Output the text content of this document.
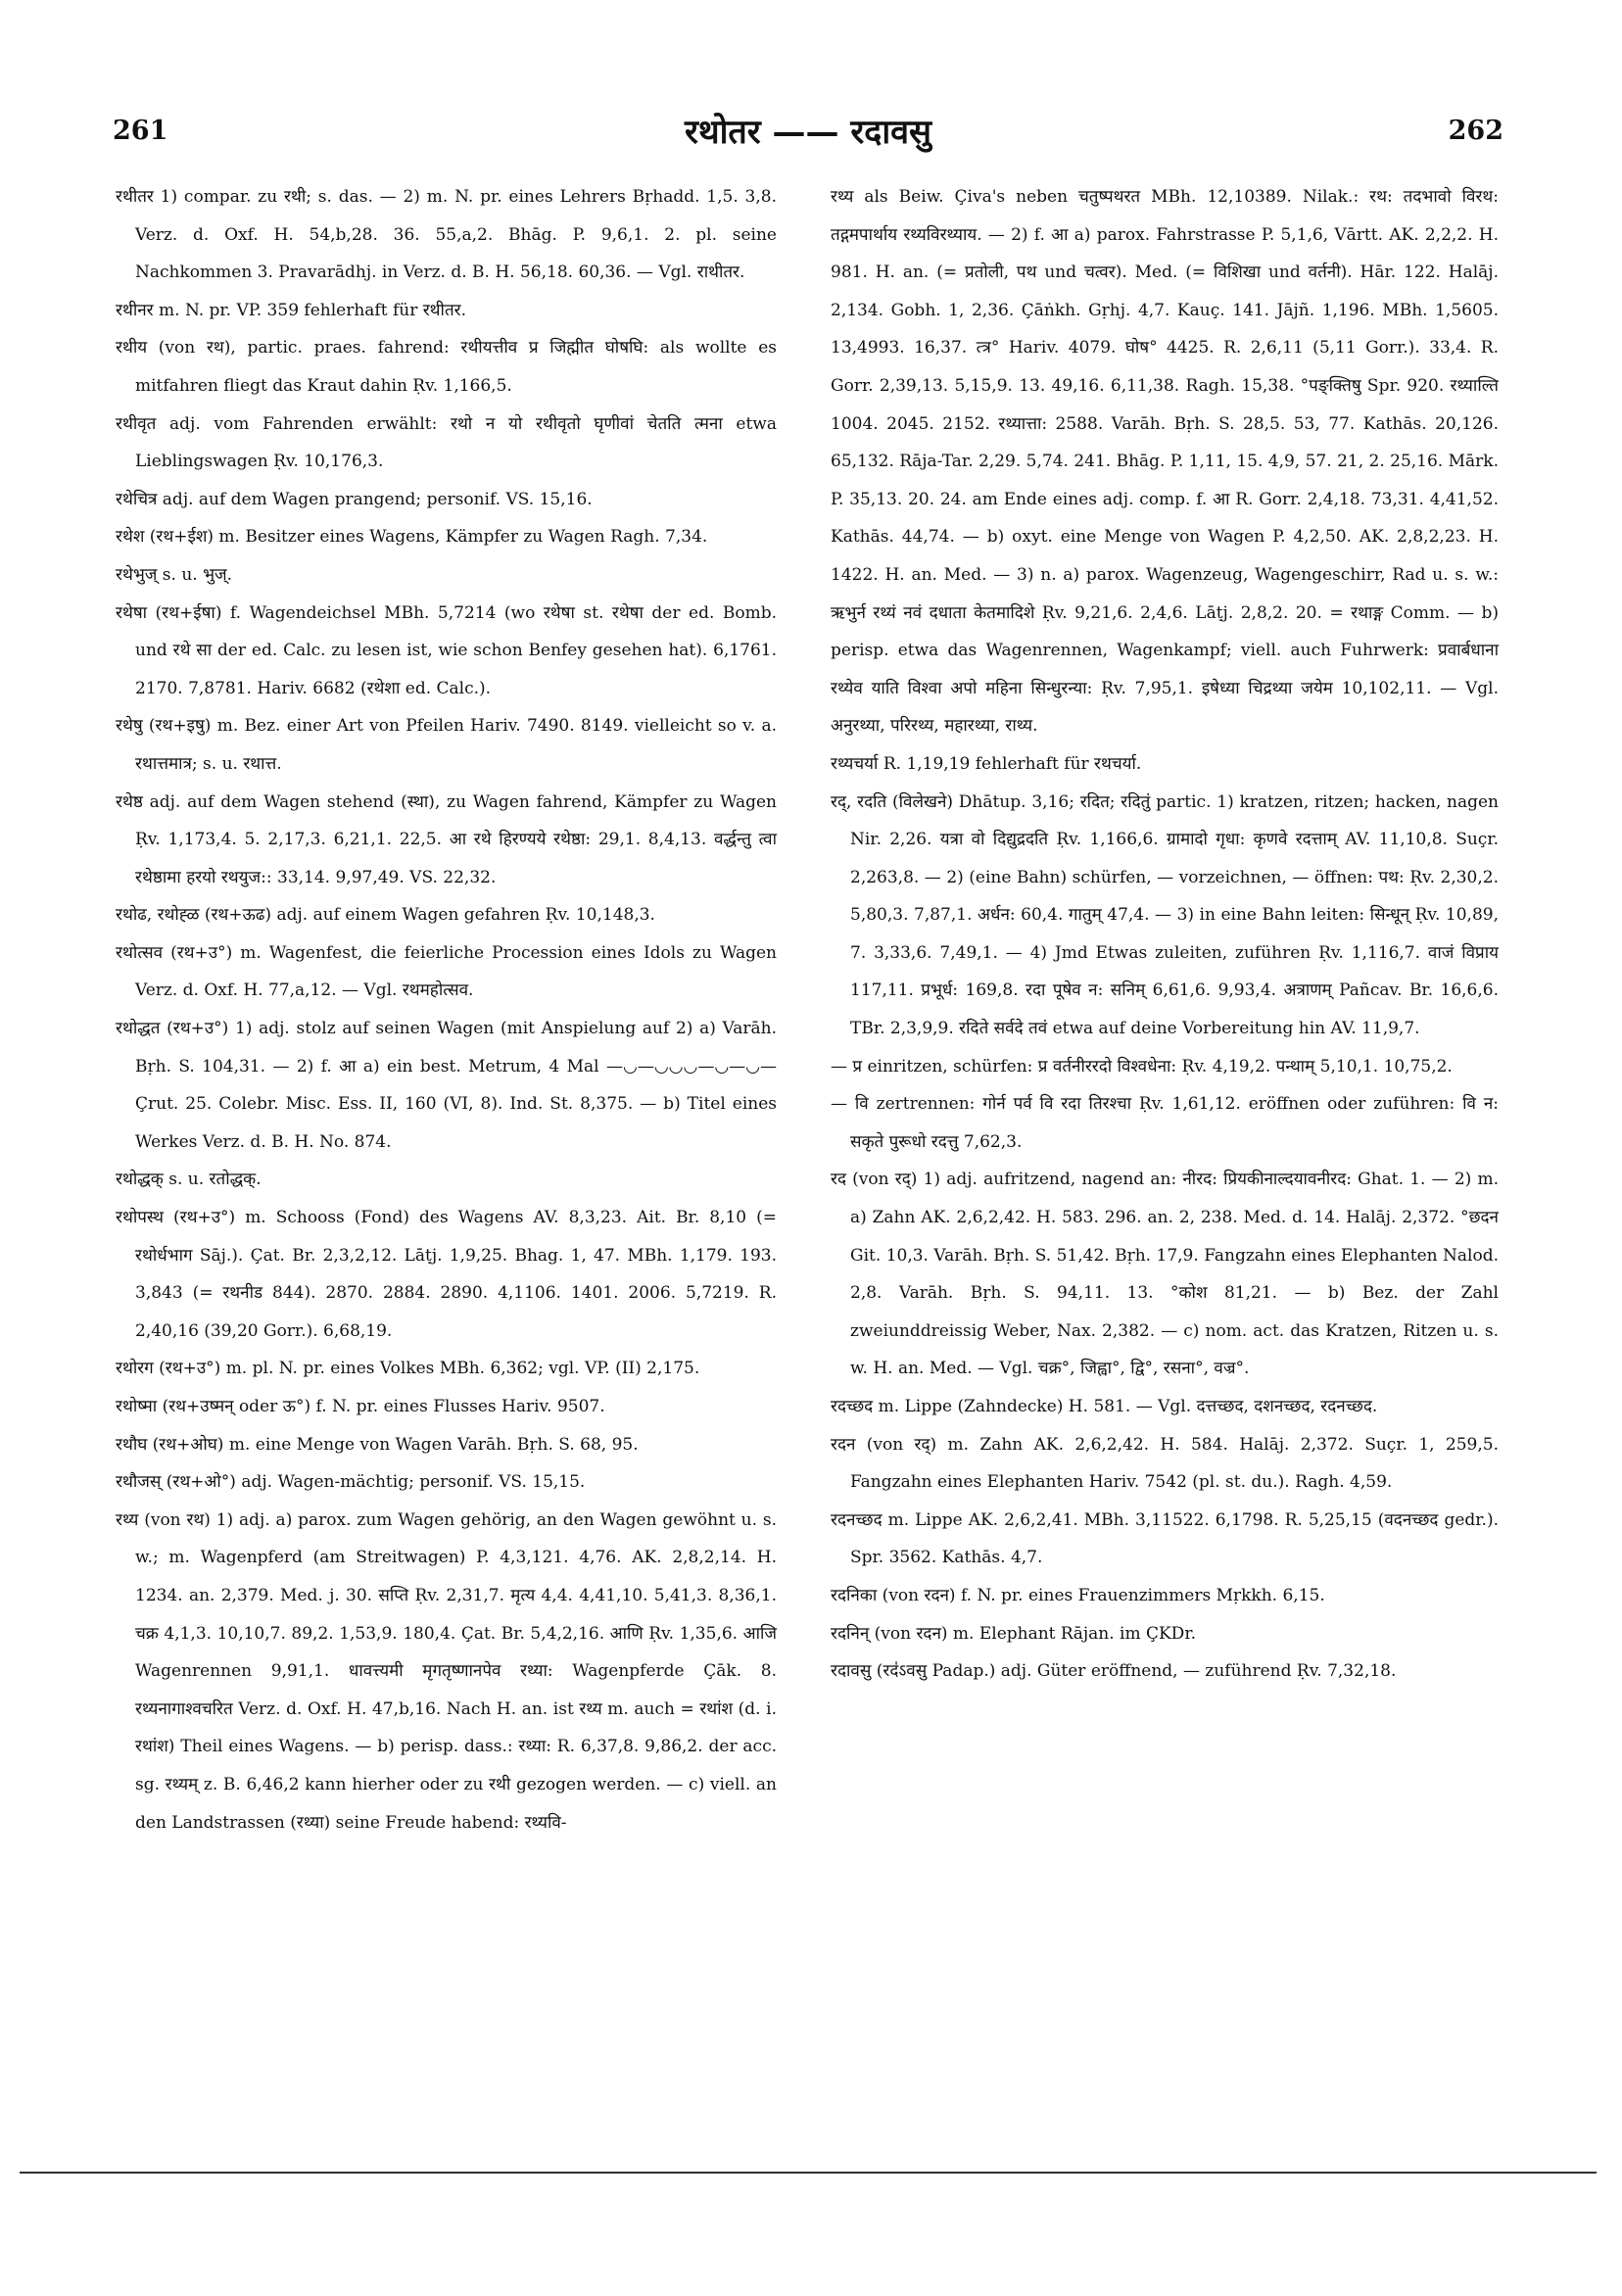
261	रथोतर —— रदावसु	262

रथीतर 1) compar. zu रथी; s. das. — 2) m. N. pr. eines Lehrers Bṛhadd. 1,5. 3,8. Verz. d. Oxf. H. 54,b,28. 36. 55,a,2. Bhāg. P. 9,6,1. 2. pl. seine Nachkommen 3. Pravarādhj. in Verz. d. B. H. 56,18. 60,36. — Vgl. राथीतर.

रथीनर m. N. pr. VP. 359 fehlerhaft für रथीतर.

रथीय (von रथ), partic. praes. fahrend: रथीयत्तीव प्र जिह्मीत घोषघि: als wollte es mitfahren fliegt das Kraut dahin Ṛv. 1,166,5.

रथीवृत adj. vom Fahrenden erwählt: रथो न यो रथीवृतो घृणीवां चेतति त्मना etwa Lieblingswagen Ṛv. 10,176,3.

रथेचित्र adj. auf dem Wagen prangend; personif. VS. 15,16.

रथेश (रथ+ईश) m. Besitzer eines Wagens, Kämpfer zu Wagen Ragh. 7,34.

रथेभुज् s. u. भुज्.

रथेषा (रथ+ईषा) f. Wagendeichsel MBh. 5,7214 (wo रथेषा st. रथेषा der ed. Bomb. und रथे सा der ed. Calc. zu lesen ist, wie schon Benfey gesehen hat). 6,1761. 2170. 7,8781. Hariv. 6682 (रथेशा ed. Calc.).

रथेषु (रथ+इषु) m. Bez. einer Art von Pfeilen Hariv. 7490. 8149. vielleicht so v. a. रथात्तमात्र; s. u. रथात्त.

रथेष्ठ adj. auf dem Wagen stehend (स्था), zu Wagen fahrend, Kämpfer zu Wagen Ṛv. 1,173,4. 5. 2,17,3. 6,21,1. 22,5. आ रथे हिरण्यये रथेष्ठा: 29,1. 8,4,13. वर्द्धन्तु त्वा रथेष्ठामा हरयो रथयुज:: 33,14. 9,97,49. VS. 22,32.

रथोढ, रथोह्ळ (रथ+ऊढ) adj. auf einem Wagen gefahren Ṛv. 10,148,3.

रथोत्सव (रथ+उ°) m. Wagenfest, die feierliche Procession eines Idols zu Wagen Verz. d. Oxf. H. 77,a,12. — Vgl. रथमहोत्सव.

रथोद्धत (रथ+उ°) 1) adj. stolz auf seinen Wagen (mit Anspielung auf 2) a) Varāh. Bṛh. S. 104,31. — 2) f. आ a) ein best. Metrum, 4 Mal —◡—◡◡◡—◡—◡— Çrut. 25. Colebr. Misc. Ess. II, 160 (VI, 8). Ind. St. 8,375. — b) Titel eines Werkes Verz. d. B. H. No. 874.

रथोद्धक् s. u. रतोद्धक्.

रथोपस्थ (रथ+उ°) m. Schooss (Fond) des Wagens AV. 8,3,23. Ait. Br. 8,10 (= रथोर्धभाग Sāj.). Çat. Br. 2,3,2,12. Lāṭj. 1,9,25. Bhag. 1, 47. MBh. 1,179. 193. 3,843 (= रथनीड 844). 2870. 2884. 2890. 4,1106. 1401. 2006. 5,7219. R. 2,40,16 (39,20 Gorr.). 6,68,19.

रथोरग (रथ+उ°) m. pl. N. pr. eines Volkes MBh. 6,362; vgl. VP. (II) 2,175.

रथोष्मा (रथ+उष्मन् oder ऊ°) f. N. pr. eines Flusses Hariv. 9507.

रथौघ (रथ+ओघ) m. eine Menge von Wagen Varāh. Bṛh. S. 68, 95.

रथौजस् (रथ+ओ°) adj. Wagen-mächtig; personif. VS. 15,15.

रथ्य (von रथ) 1) adj. a) parox. zum Wagen gehörig, an den Wagen gewöhnt u. s. w.; m. Wagenpferd (am Streitwagen) P. 4,3,121. 4,76. AK. 2,8,2,14. H. 1234. an. 2,379. Med. j. 30. सप्ति Ṛv. 2,31,7. मृत्य 4,4. 4,41,10. 5,41,3. 8,36,1. चक्र 4,1,3. 10,10,7. 89,2. 1,53,9. 180,4. Çat. Br. 5,4,2,16. आणि Ṛv. 1,35,6. आजि Wagenrennen 9,91,1. धावत्त्यमी मृगतृष्णानपेव रथ्या: Wagenpferde Çāk. 8. रथ्यनागाश्वचरित Verz. d. Oxf. H. 47,b,16. Nach H. an. ist रथ्य m. auch = रथांश (d. i. रथांश) Theil eines Wagens. — b) perisp. dass.: रथ्या: R. 6,37,8. 9,86,2. der acc. sg. रथ्यम् z. B. 6,46,2 kann hierher oder zu रथी gezogen werden. — c) viell. an den Landstrassen (रथ्या) seine Freude habend: रथ्यवि-

रथ्य als Beiw. Çiva's neben चतुष्पथरत MBh. 12,10389. Nilak.: रथ: तदभावो विरथ: तद्गमपार्थाय रथ्यविरथ्याय. — 2) f. आ a) parox. Fahrstrasse P. 5,1,6, Vārtt. AK. 2,2,2. H. 981. H. an. (= प्रतोली, पथ und चत्वर). Med. (= विशिखा und वर्तनी). Hār. 122. Halāj. 2,134. Gobh. 1, 2,36. Çāṅkh. Gṛhj. 4,7. Kauç. 141. Jājñ. 1,196. MBh. 1,5605. 13,4993. 16,37. त्त्र° Hariv. 4079. घोष° 4425. R. 2,6,11 (5,11 Gorr.). 33,4. R. Gorr. 2,39,13. 5,15,9. 13. 49,16. 6,11,38. Ragh. 15,38. °पङ्क्तिषु Spr. 920. रथ्याल्ति 1004. 2045. 2152. रथ्यात्ता: 2588. Varāh. Bṛh. S. 28,5. 53, 77. Kathās. 20,126. 65,132. Rāja-Tar. 2,29. 5,74. 241. Bhāg. P. 1,11, 15. 4,9, 57. 21, 2. 25,16. Mārk. P. 35,13. 20. 24. am Ende eines adj. comp. f. आ R. Gorr. 2,4,18. 73,31. 4,41,52. Kathās. 44,74. — b) oxyt. eine Menge von Wagen P. 4,2,50. AK. 2,8,2,23. H. 1422. H. an. Med. — 3) n. a) parox. Wagenzeug, Wagengeschirr, Rad u. s. w.: ऋभुर्न रथ्यं नवं दधाता केतमादिशे Ṛv. 9,21,6. 2,4,6. Lāṭj. 2,8,2. 20. = रथाङ्ग Comm. — b) perisp. etwa das Wagenrennen, Wagenkampf; viell. auch Fuhrwerk: प्रवार्बधाना रथ्येव याति विश्वा अपो महिना सिन्धुरन्या: Ṛv. 7,95,1. इषेध्या चिद्रथ्या जयेम 10,102,11. — Vgl. अनुरथ्या, परिरथ्य, महारथ्या, राथ्य.

रथ्यचर्या R. 1,19,19 fehlerhaft für रथचर्या.

रद्, रदति (विलेखने) Dhātup. 3,16; रदित; रदितुं partic. 1) kratzen, ritzen; hacken, nagen Nir. 2,26. यत्रा वो दिद्युद्रदति Ṛv. 1,166,6. ग्रामादो गृधा: कृणवे रदत्ताम् AV. 11,10,8. Suçr. 2,263,8. — 2) (eine Bahn) schürfen, — vorzeichnen, — öffnen: पथ: Ṛv. 2,30,2. 5,80,3. 7,87,1. अर्धन: 60,4. गातुम् 47,4. — 3) in eine Bahn leiten: सिन्धून् Ṛv. 10,89, 7. 3,33,6. 7,49,1. — 4) Jmd Etwas zuleiten, zuführen Ṛv. 1,116,7. वाजं विप्राय 117,11. प्रभूर्ध: 169,8. रदा पूषेव न: सनिम् 6,61,6. 9,93,4. अत्राणम् Pañcav. Br. 16,6,6. TBr. 2,3,9,9. रदिते सर्वदे तवं etwa auf deine Vorbereitung hin AV. 11,9,7.

— प्र einritzen, schürfen: प्र वर्तनीररदो विश्वधेना: Ṛv. 4,19,2. पन्थाम् 5,10,1. 10,75,2.

— वि zertrennen: गोर्न पर्व वि रदा तिरश्चा Ṛv. 1,61,12. eröffnen oder zuführen: वि न: सकृते पुरूधो रदत्तु 7,62,3.

रद (von रद्) 1) adj. aufritzend, nagend an: नीरद: प्रियकीनाल्दयावनीरद: Ghat. 1. — 2) m. a) Zahn AK. 2,6,2,42. H. 583. 296. an. 2, 238. Med. d. 14. Halāj. 2,372. °छदन Git. 10,3. Varāh. Bṛh. S. 51,42. Bṛh. 17,9. Fangzahn eines Elephanten Nalod. 2,8. Varāh. Bṛh. S. 94,11. 13. °कोश 81,21. — b) Bez. der Zahl zweiunddreissig Weber, Nax. 2,382. — c) nom. act. das Kratzen, Ritzen u. s. w. H. an. Med. — Vgl. चक्र°, जिह्वा°, द्वि°, रसना°, वज्र°.

रदच्छद m. Lippe (Zahndecke) H. 581. — Vgl. दत्तच्छद, दशनच्छद, रदनच्छद.

रदन (von रद्) m. Zahn AK. 2,6,2,42. H. 584. Halāj. 2,372. Suçr. 1, 259,5. Fangzahn eines Elephanten Hariv. 7542 (pl. st. du.). Ragh. 4,59.

रदनच्छद m. Lippe AK. 2,6,2,41. MBh. 3,11522. 6,1798. R. 5,25,15 (वदनच्छद gedr.). Spr. 3562. Kathās. 4,7.

रदनिका (von रदन) f. N. pr. eines Frauenzimmers Mṛkkh. 6,15.

रदनिन् (von रदन) m. Elephant Rājan. im ÇKDr.

रदावसु (रद॑ऽवसु Padap.) adj. Güter eröffnend, — zuführend Ṛv. 7,32,18.
